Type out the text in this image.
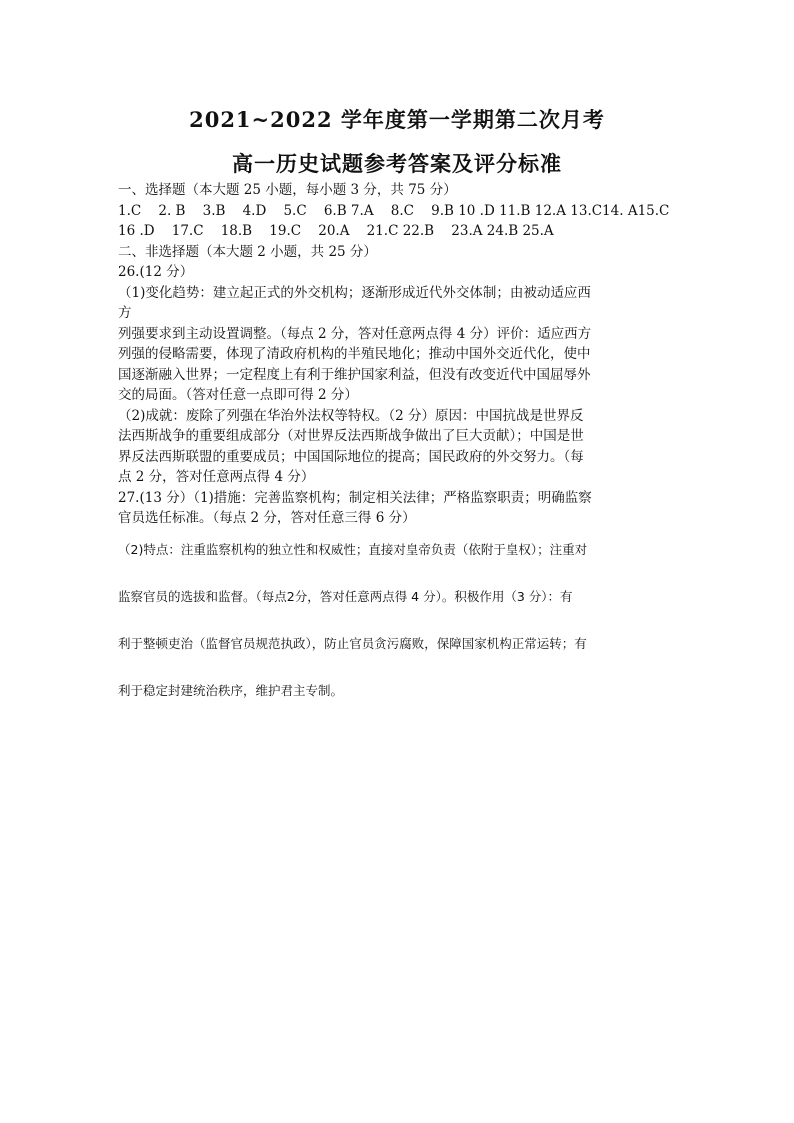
2021~2022 学年度第一学期第二次月考
高一历史试题参考答案及评分标准
一、选择题（本大题 25 小题，每小题 3 分，共 75 分）
1.C    2. B    3.B    4.D    5.C    6.B 7.A    8.C    9.B 10 .D 11.B 12.A 13.C14. A15.C
16 .D    17.C    18.B    19.C    20.A    21.C 22.B    23.A 24.B 25.A
二、非选择题（本大题 2 小题，共 25 分）
26.(12 分）
（1)变化趋势：建立起正式的外交机构；逐渐形成近代外交体制；由被动适应西
方
列强要求到主动设置调整。（每点 2 分，答对任意两点得 4 分）评价：适应西方
列强的侵略需要，体现了清政府机构的半殖民地化；推动中国外交近代化，使中
国逐渐融入世界；一定程度上有利于维护国家利益，但没有改变近代中国屈辱外
交的局面。（答对任意一点即可得 2 分）
（2)成就：废除了列强在华治外法权等特权。（2 分）原因：中国抗战是世界反
法西斯战争的重要组成部分（对世界反法西斯战争做出了巨大贡献）；中国是世
界反法西斯联盟的重要成员；中国国际地位的提高；国民政府的外交努力。（每
点 2 分，答对任意两点得 4 分）
27.(13 分）（1)措施：完善监察机构；制定相关法律；严格监察职责；明确监察
官员选任标准。（每点 2 分，答对任意三得 6 分）
（2)特点：注重监察机构的独立性和权威性；直接对皇帝负责（依附于皇权）；注重对
监察官员的选拔和监督。（每点2分，答对任意两点得 4 分）。积极作用（3 分）：有
利于整顿吏治（监督官员规范执政），防止官员贪污腐败，保障国家机构正常运转；有
利于稳定封建统治秩序，维护君主专制。
